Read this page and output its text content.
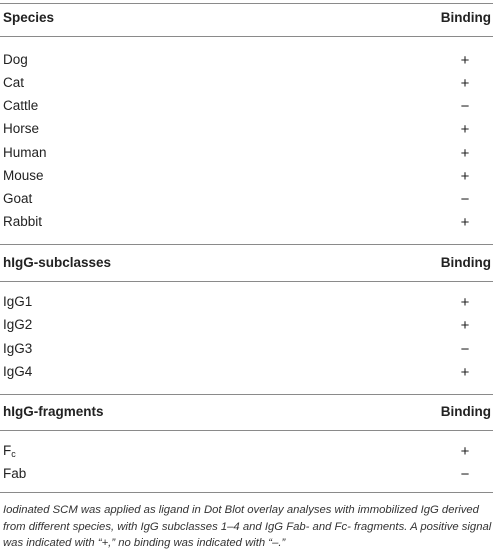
Species	Binding
Dog	+
Cat	+
Cattle	−
Horse	+
Human	+
Mouse	+
Goat	−
Rabbit	+
hIgG-subclasses	Binding
IgG1	+
IgG2	+
IgG3	−
IgG4	+
hIgG-fragments	Binding
$F_c$	+
Fab	−
Iodinated SCM was applied as ligand in Dot Blot overlay analyses with immobilized IgG derived from different species, with IgG subclasses 1–4 and IgG Fab- and Fc- fragments. A positive signal was indicated with “+,” no binding was indicated with “–.”
